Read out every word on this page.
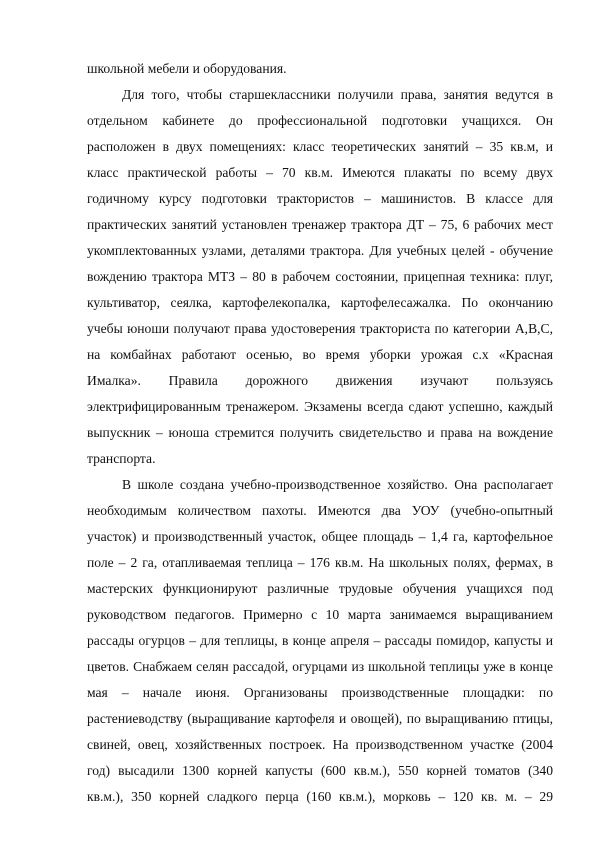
школьной мебели и оборудования.
Для того, чтобы старшеклассники получили права, занятия ведутся в
отдельном кабинете до профессиональной подготовки учащихся. Он
расположен в двух помещениях: класс теоретических занятий – 35 кв.м, и
класс практической работы – 70 кв.м. Имеются плакаты по всему двух
годичному курсу подготовки трактористов – машинистов. В классе для
практических занятий установлен тренажер трактора ДТ – 75, 6 рабочих мест
укомплектованных узлами, деталями трактора. Для учебных целей - обучение
вождению трактора МТЗ – 80 в рабочем состоянии, прицепная техника: плуг,
культиватор, сеялка, картофелекопалка, картофелесажалка. По окончанию
учебы юноши получают права удостоверения тракториста по категории А,В,С,
на комбайнах работают осенью, во время уборки урожая с.х «Красная
Ималка». Правила дорожного движения изучают пользуясь
электрифицированным тренажером. Экзамены всегда сдают успешно, каждый
выпускник – юноша стремится получить свидетельство и права на вождение
транспорта.
В школе создана учебно-производственное хозяйство. Она располагает
необходимым количеством пахоты. Имеются два УОУ (учебно-опытный
участок) и производственный участок, общее площадь – 1,4 га, картофельное
поле – 2 га, отапливаемая теплица – 176 кв.м. На школьных полях, фермах, в
мастерских функционируют различные трудовые обучения учащихся под
руководством педагогов. Примерно с 10 марта занимаемся выращиванием
рассады огурцов – для теплицы, в конце апреля – рассады помидор, капусты и
цветов. Снабжаем селян рассадой, огурцами из школьной теплицы уже в конце
мая – начале июня. Организованы производственные площадки: по
растениеводству (выращивание картофеля и овощей), по выращиванию птицы,
свиней, овец, хозяйственных построек. На производственном участке (2004
год) высадили 1300 корней капусты (600 кв.м.), 550 корней томатов (340
кв.м.), 350 корней сладкого перца (160 кв.м.), морковь – 120 кв. м. – 29
